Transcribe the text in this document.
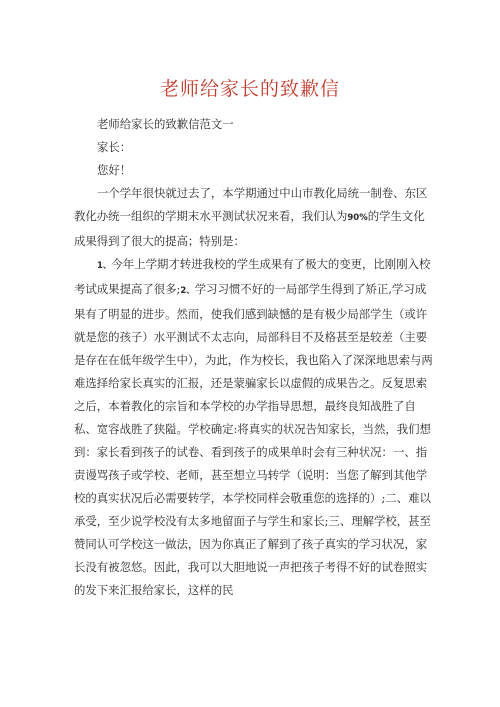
老师给家长的致歉信

老师给家长的致歉信范文一

家长：

您好！

一个学年很快就过去了，本学期通过中山市教化局统一制卷、东区教化办统一组织的学期末水平测试状况来看，我们认为90%的学生文化成果得到了很大的提高；特别是：

1、今年上学期才转进我校的学生成果有了极大的变更，比刚刚入校考试成果提高了很多;2、学习习惯不好的一局部学生得到了矫正,学习成果有了明显的进步。然而，使我们感到缺憾的是有极少局部学生（或许就是您的孩子）水平测试不太志向，局部科目不及格甚至是较差（主要是存在在低年级学生中），为此，作为校长，我也陷入了深深地思索与两难选择给家长真实的汇报，还是蒙骗家长以虚假的成果告之。反复思索之后，本着教化的宗旨和本学校的办学指导思想，最终良知战胜了自私、宽容战胜了狭隘。学校确定:将真实的状况告知家长，当然，我们想到：家长看到孩子的试卷、看到孩子的成果单时会有三种状况：一、指责谩骂孩子或学校、老师，甚至想立马转学（说明：当您了解到其他学校的真实状况后必需要转学，本学校同样会敬重您的选择的）;二、难以承受，至少说学校没有太多地留面子与学生和家长;三、理解学校，甚至赞同认可学校这一做法，因为你真正了解到了孩子真实的学习状况，家长没有被忽悠。因此，我可以大胆地说一声把孩子考得不好的试卷照实的发下来汇报给家长，这样的民
